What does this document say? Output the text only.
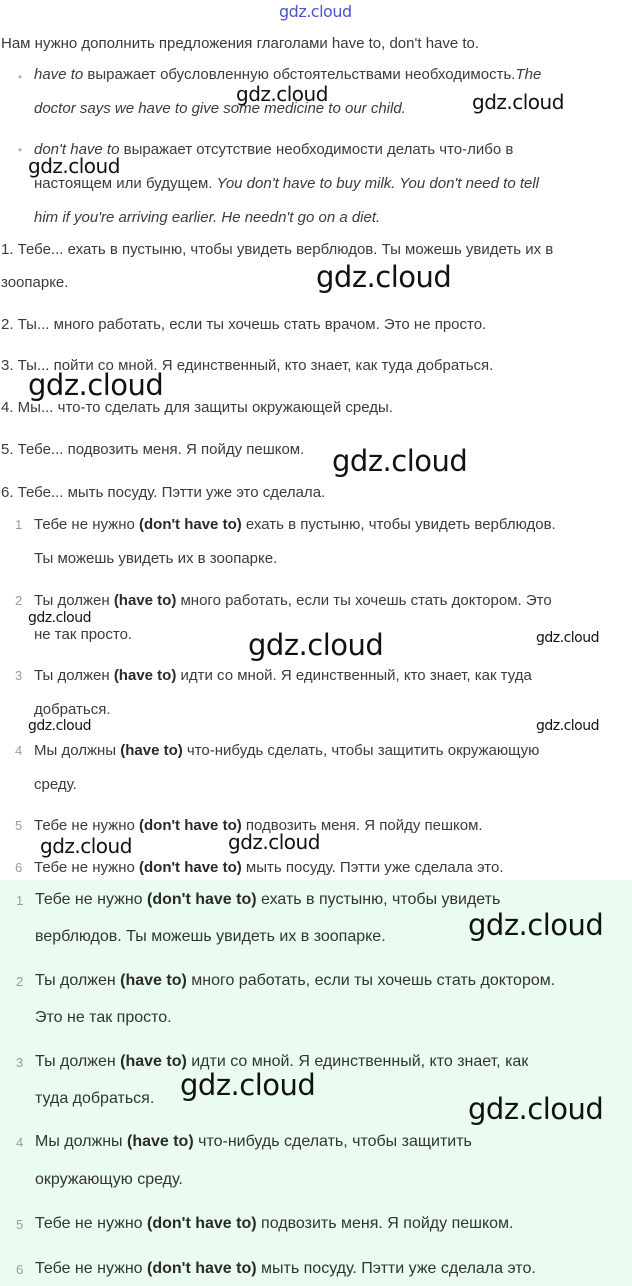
gdz.cloud
Нам нужно дополнить предложения глаголами have to, don't have to.
• have to выражает обусловленную обстоятельствами необходимость.The
doctor says we have to give some medicine to our child.
• don't have to выражает отсутствие необходимости делать что-либо в
настоящем или будущем. You don't have to buy milk. You don't need to tell
him if you're arriving earlier. He needn't go on a diet.
1. Тебе... ехать в пустыню, чтобы увидеть верблюдов. Ты можешь увидеть их в
зоопарке.
2. Ты... много работать, если ты хочешь стать врачом. Это не просто.
3. Ты... пойти со мной. Я единственный, кто знает, как туда добраться.
4. Мы... что-то сделать для защиты окружающей среды.
5. Тебе... подвозить меня. Я пойду пешком.
6. Тебе... мыть посуду. Пэтти уже это сделала.
1 Тебе не нужно (don't have to) ехать в пустыню, чтобы увидеть верблюдов.
Ты можешь увидеть их в зоопарке.
2 Ты должен (have to) много работать, если ты хочешь стать доктором. Это
не так просто.
3 Ты должен (have to) идти со мной. Я единственный, кто знает, как туда
добраться.
4 Мы должны (have to) что-нибудь сделать, чтобы защитить окружающую
среду.
5 Тебе не нужно (don't have to) подвозить меня. Я пойду пешком.
6 Тебе не нужно (don't have to) мыть посуду. Пэтти уже сделала это.
1 Тебе не нужно (don't have to) ехать в пустыню, чтобы увидеть
верблюдов. Ты можешь увидеть их в зоопарке.
2 Ты должен (have to) много работать, если ты хочешь стать доктором.
Это не так просто.
3 Ты должен (have to) идти со мной. Я единственный, кто знает, как
туда добраться.
4 Мы должны (have to) что-нибудь сделать, чтобы защитить
окружающую среду.
5 Тебе не нужно (don't have to) подвозить меня. Я пойду пешком.
6 Тебе не нужно (don't have to) мыть посуду. Пэтти уже сделала это.
gdz.cloud	gdz.cloud
gdz.cloud
gdz.cloud
gdz.cloud
gdz.cloud
gdz.cloud
gdz.cloud	gdz.cloud
gdz.cloud	gdz.cloud
gdz.cloud
gdz.cloud
gdz.cloud
gdz.cloud
gdz.cloud
